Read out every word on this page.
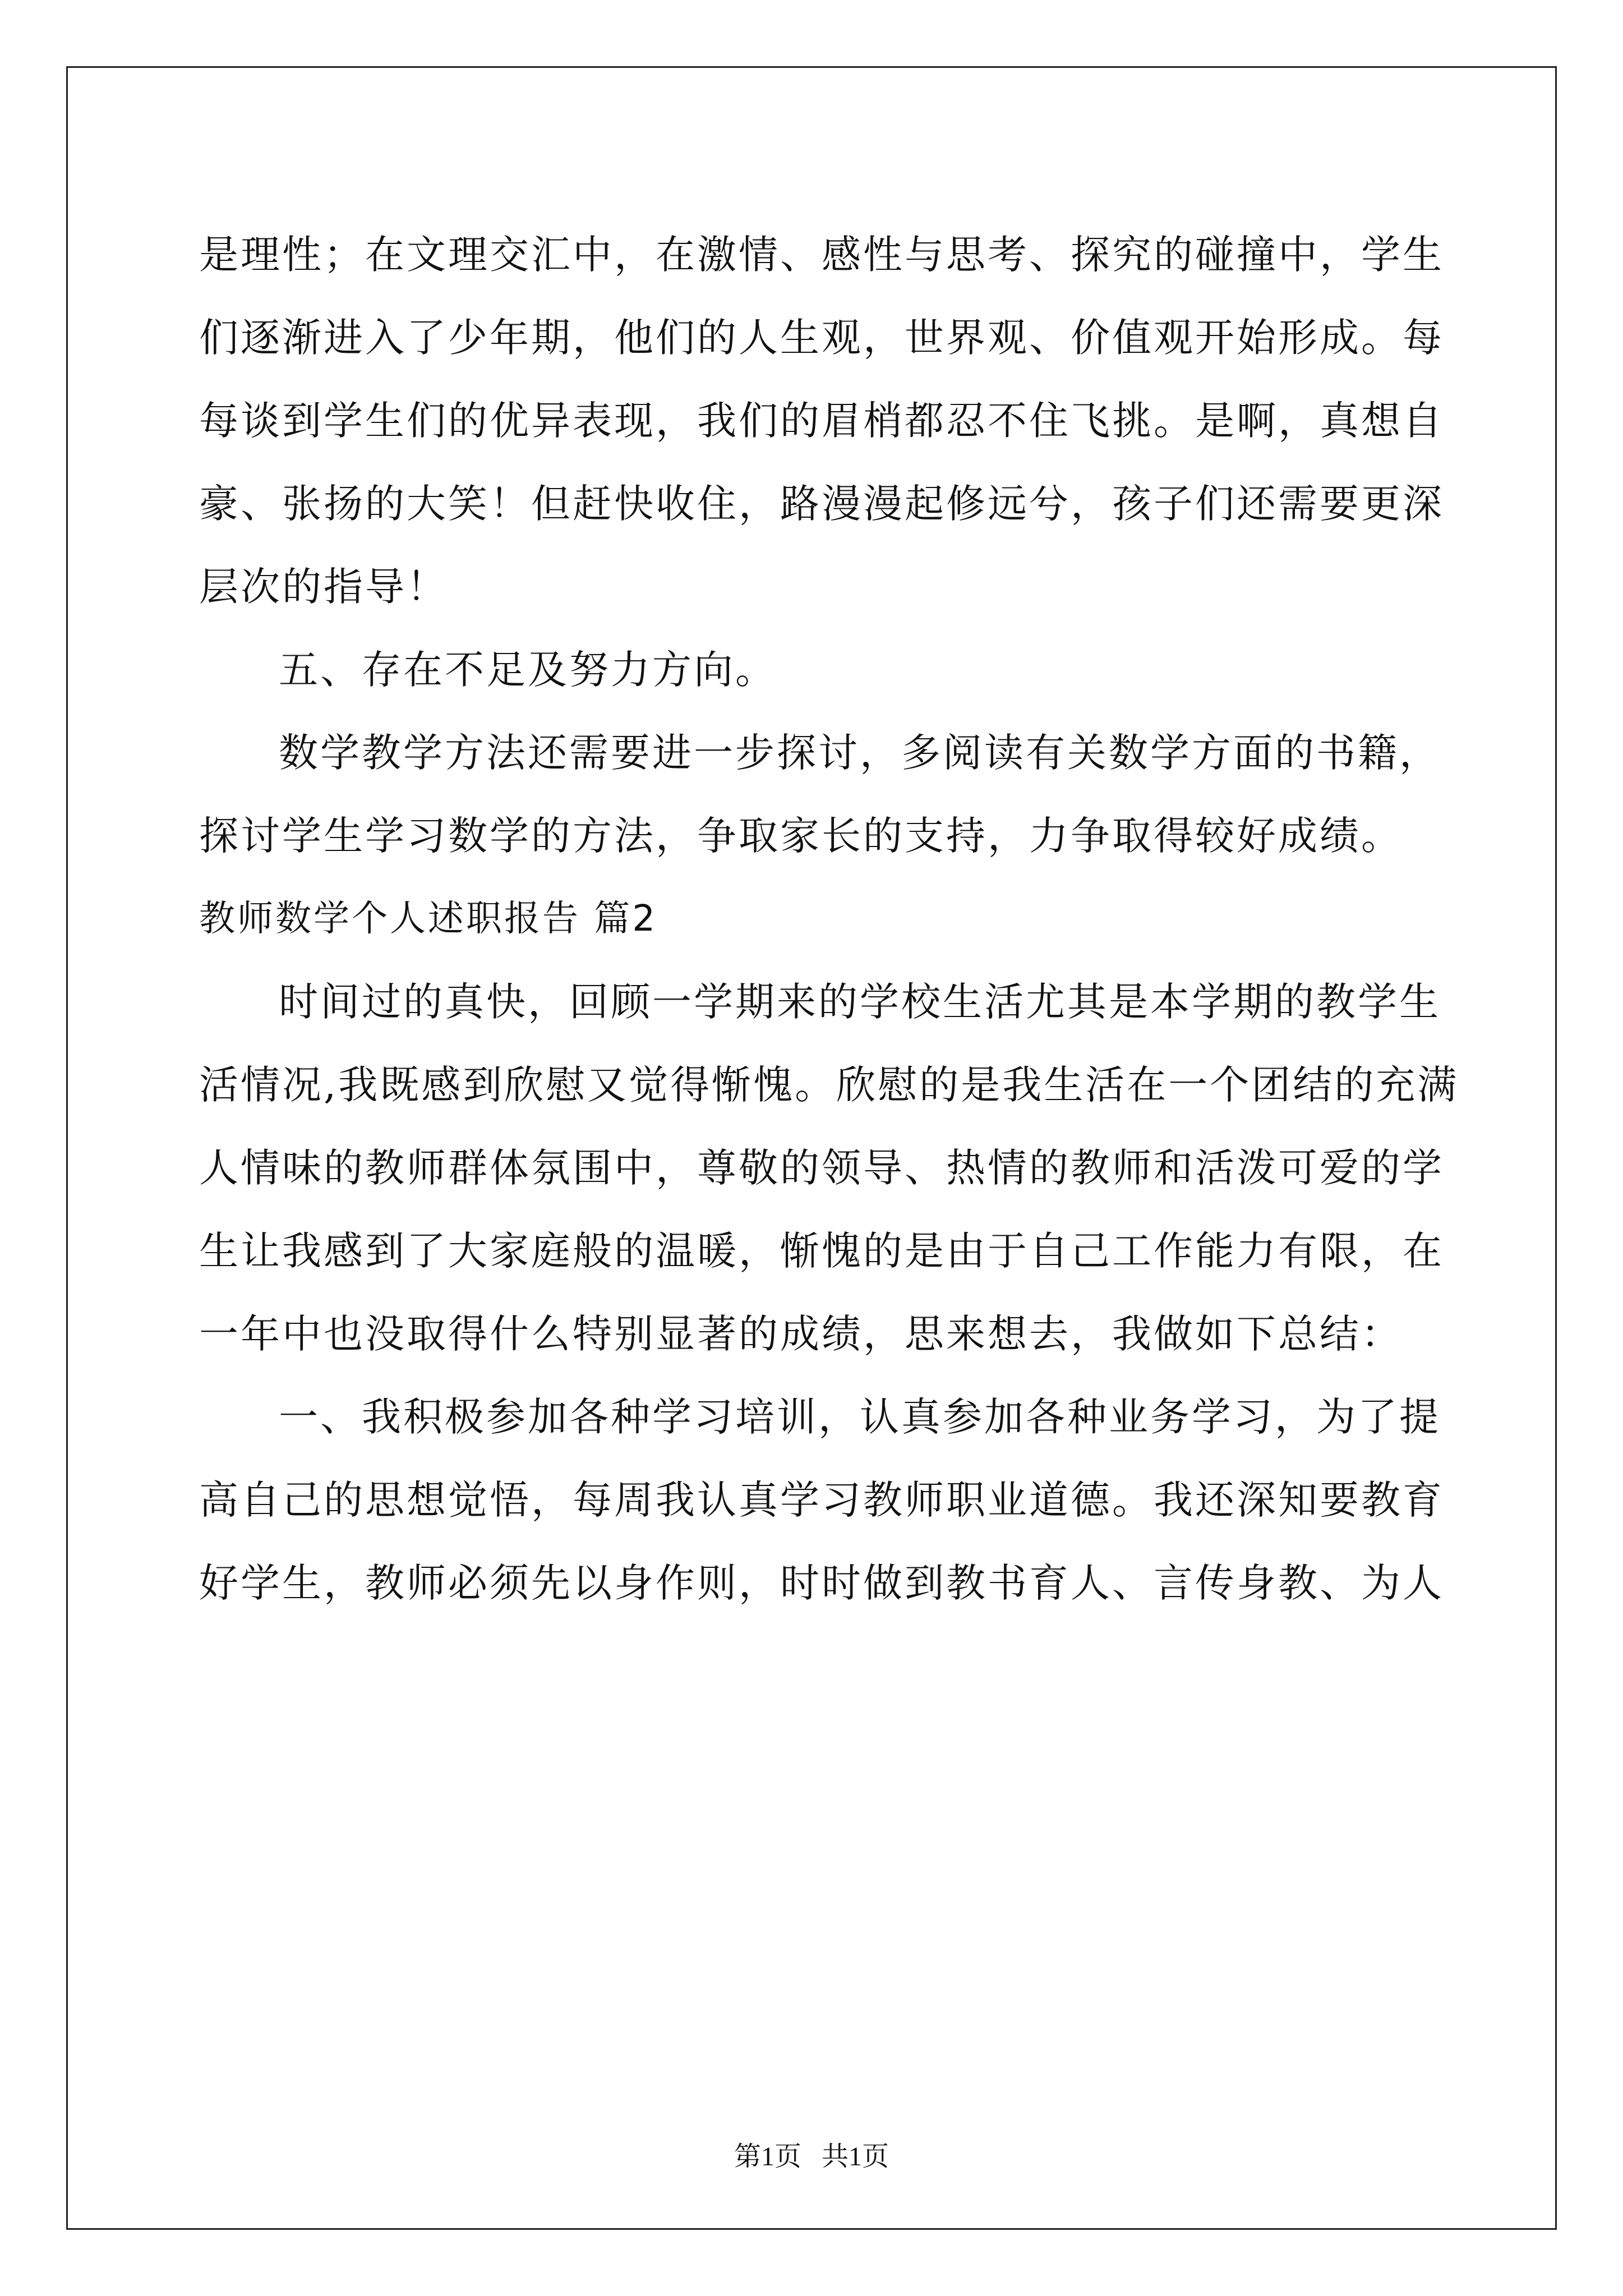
是理性；在文理交汇中，在激情、感性与思考、探究的碰撞中，学生

们逐渐进入了少年期，他们的人生观，世界观、价值观开始形成。每

每谈到学生们的优异表现，我们的眉梢都忍不住飞挑。是啊，真想自

豪、张扬的大笑！但赶快收住，路漫漫起修远兮，孩子们还需要更深

层次的指导！

五、存在不足及努力方向。

数学教学方法还需要进一步探讨，多阅读有关数学方面的书籍，

探讨学生学习数学的方法，争取家长的支持，力争取得较好成绩。

教师数学个人述职报告 篇2

时间过的真快，回顾一学期来的学校生活尤其是本学期的教学生

活情况,我既感到欣慰又觉得惭愧。欣慰的是我生活在一个团结的充满

人情味的教师群体氛围中，尊敬的领导、热情的教师和活泼可爱的学

生让我感到了大家庭般的温暖，惭愧的是由于自己工作能力有限，在

一年中也没取得什么特别显著的成绩，思来想去，我做如下总结：

一、我积极参加各种学习培训，认真参加各种业务学习，为了提

高自己的思想觉悟，每周我认真学习教师职业道德。我还深知要教育

好学生，教师必须先以身作则，时时做到教书育人、言传身教、为人

第1页 共1页
